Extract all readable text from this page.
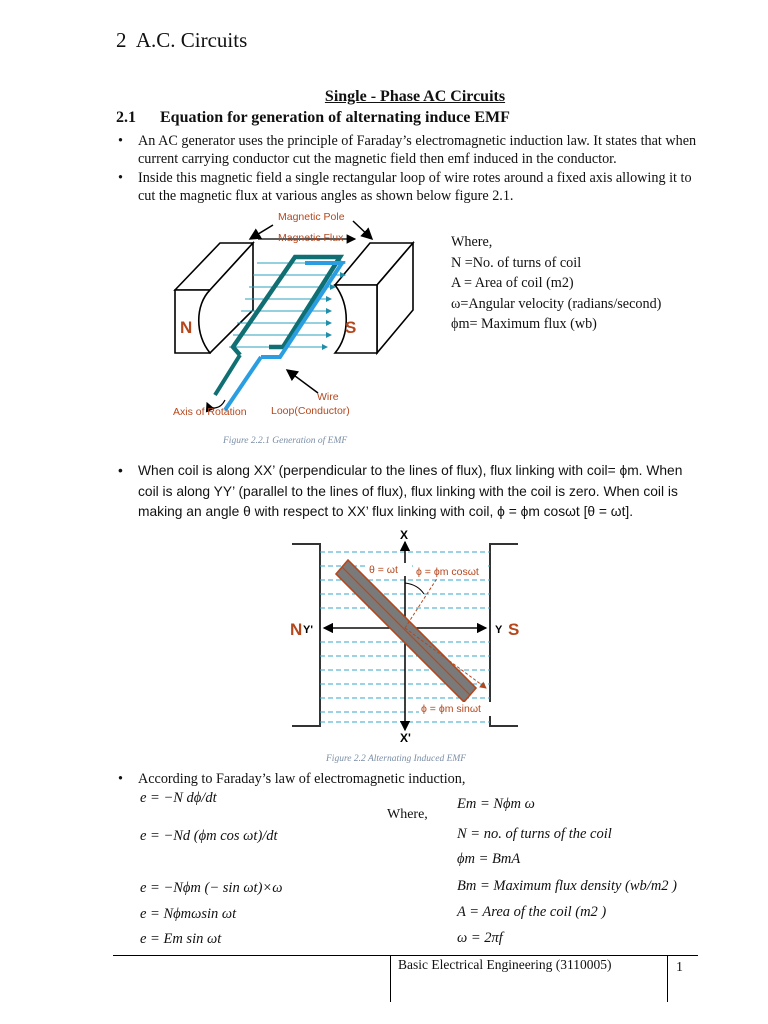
2 A.C. Circuits
Single - Phase AC Circuits
2.1 Equation for generation of alternating induce EMF
• An AC generator uses the principle of Faraday’s electromagnetic induction law. It states that when current carrying conductor cut the magnetic field then emf induced in the conductor.
• Inside this magnetic field a single rectangular loop of wire rotes around a fixed axis allowing it to cut the magnetic flux at various angles as shown below figure 2.1.
Magnetic Pole
Magnetic Flux
N	S
Wire
Loop(Conductor)
Axis of Rotation
Figure 2.2.1 Generation of EMF
Where,
N =No. of turns of coil
A = Area of coil (m2)
ω=Angular velocity (radians/second)
ϕm= Maximum flux (wb)
• When coil is along XX’ (perpendicular to the lines of flux), flux linking with coil= ϕm. When coil is along YY’ (parallel to the lines of flux), flux linking with the coil is zero. When coil is making an angle θ with respect to XX’ flux linking with coil, ϕ = ϕm cosωt [θ = ωt].
X
X'
N Y'	Y S
θ = ωt ϕ = ϕm cosωt
ϕ = ϕm sinωt
Figure 2.2 Alternating Induced EMF
• According to Faraday’s law of electromagnetic induction,
e = −N dϕ/dt
e = −Nd (ϕm cos ωt)/dt
e = −Nϕm (− sin ωt)×ω
e = Nϕmωsin ωt
e = Em sin ωt
Where,
Em = Nϕm ω
N = no. of turns of the coil
ϕm = BmA
Bm = Maximum flux density (wb/m2 )
A = Area of the coil (m2 )
ω = 2πf
Basic Electrical Engineering (3110005)	1
